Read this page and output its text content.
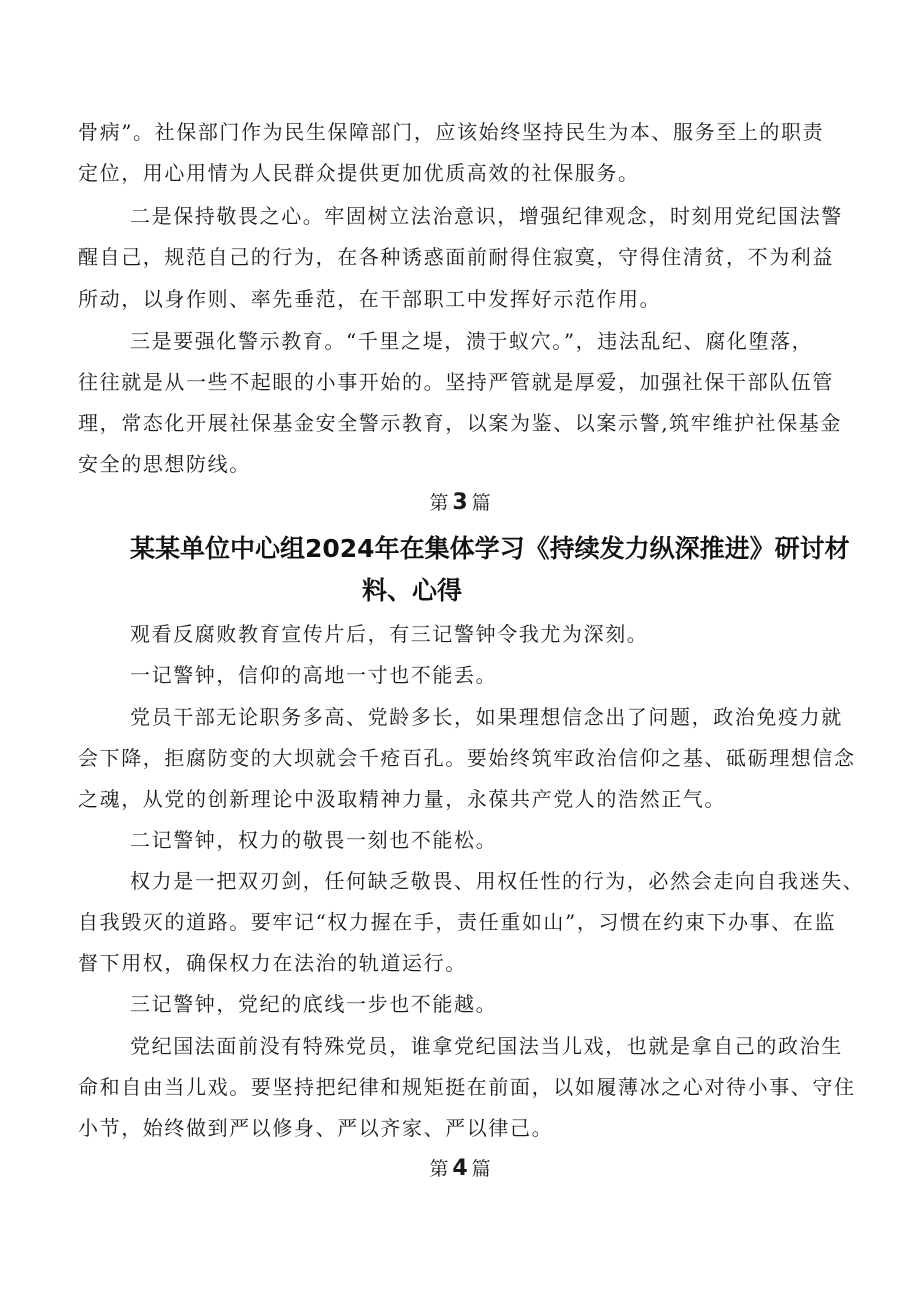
骨病”。社保部门作为民生保障部门，应该始终坚持民生为本、服务至上的职责
定位，用心用情为人民群众提供更加优质高效的社保服务。
二是保持敬畏之心。牢固树立法治意识，增强纪律观念，时刻用党纪国法警
醒自己，规范自己的行为，在各种诱惑面前耐得住寂寞，守得住清贫，不为利益
所动，以身作则、率先垂范，在干部职工中发挥好示范作用。
三是要强化警示教育。“千里之堤，溃于蚁穴。”，违法乱纪、腐化堕落，
往往就是从一些不起眼的小事开始的。坚持严管就是厚爱，加强社保干部队伍管
理，常态化开展社保基金安全警示教育，以案为鉴、以案示警,筑牢维护社保基金
安全的思想防线。
第 3 篇
某某单位中心组2024年在集体学习《持续发力纵深推进》研讨材
料、心得
观看反腐败教育宣传片后，有三记警钟令我尤为深刻。
一记警钟，信仰的高地一寸也不能丢。
党员干部无论职务多高、党龄多长，如果理想信念出了问题，政治免疫力就
会下降，拒腐防变的大坝就会千疮百孔。要始终筑牢政治信仰之基、砥砺理想信念
之魂，从党的创新理论中汲取精神力量，永葆共产党人的浩然正气。
二记警钟，权力的敬畏一刻也不能松。
权力是一把双刃剑，任何缺乏敬畏、用权任性的行为，必然会走向自我迷失、
自我毁灭的道路。要牢记“权力握在手，责任重如山”，习惯在约束下办事、在监
督下用权，确保权力在法治的轨道运行。
三记警钟，党纪的底线一步也不能越。
党纪国法面前没有特殊党员，谁拿党纪国法当儿戏，也就是拿自己的政治生
命和自由当儿戏。要坚持把纪律和规矩挺在前面，以如履薄冰之心对待小事、守住
小节，始终做到严以修身、严以齐家、严以律己。
第 4 篇
